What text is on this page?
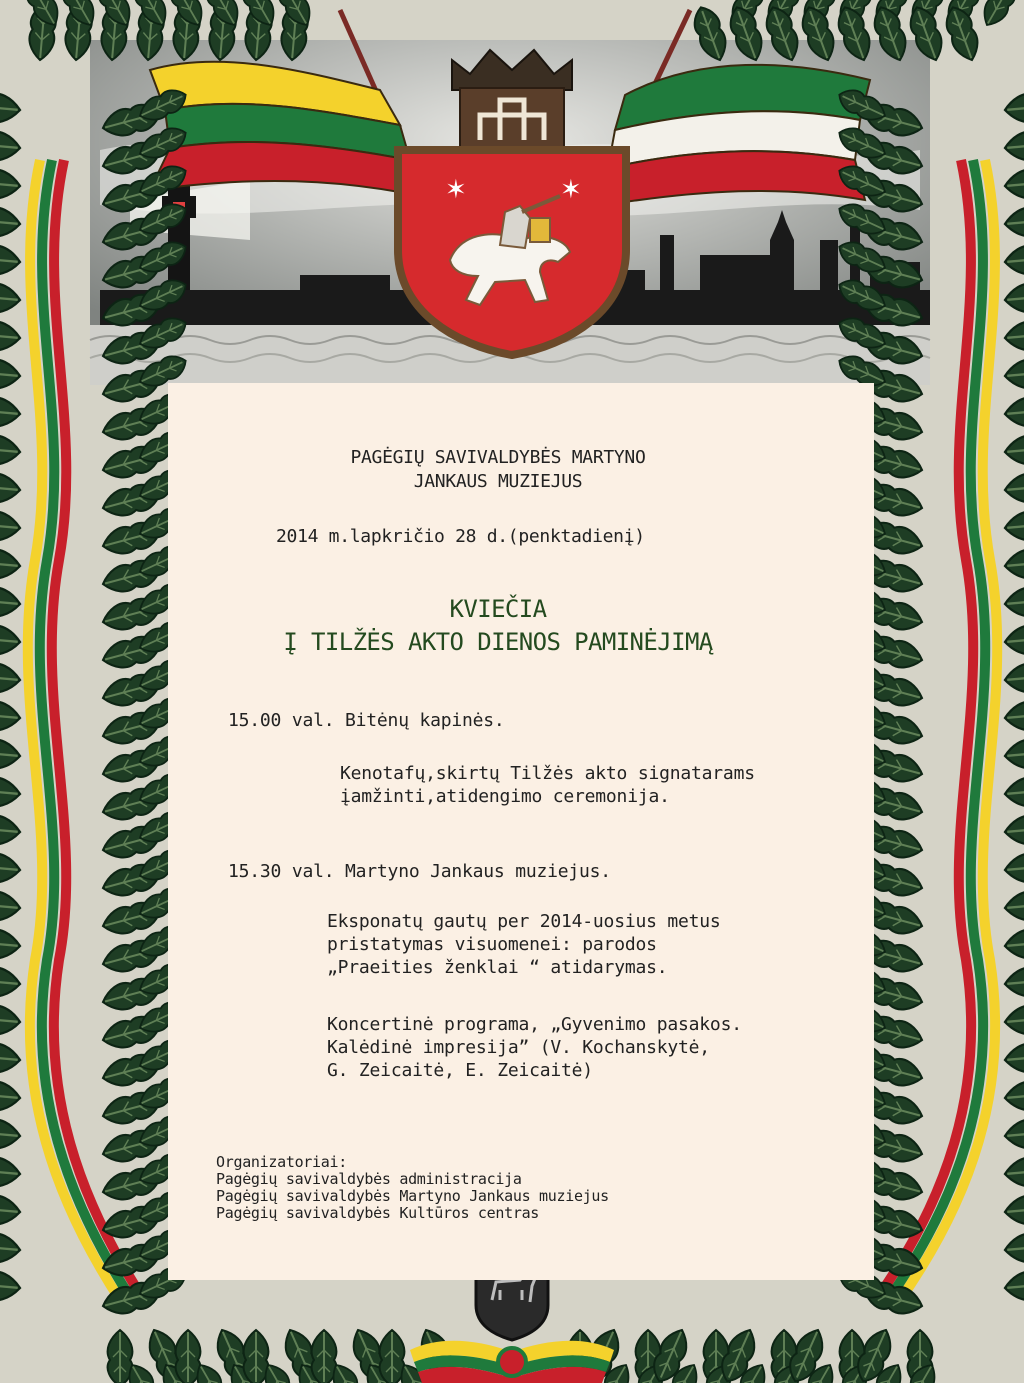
✶	✶
PAGĖGIŲ SAVIVALDYBĖS MARTYNO
JANKAUS MUZIEJUS
2014 m.lapkričio 28 d.(penktadienį)
KVIEČIA
Į TILŽĖS AKTO DIENOS PAMINĖJIMĄ
15.00 val. Bitėnų kapinės.
Kenotafų,skirtų Tilžės akto signatarams
įamžinti,atidengimo ceremonija.
15.30 val. Martyno Jankaus muziejus.
Eksponatų gautų per 2014-uosius metus
pristatymas visuomenei: parodos
„Praeities ženklai “ atidarymas.
Koncertinė programa, „Gyvenimo pasakos.
Kalėdinė impresija” (V. Kochanskytė,
G. Zeicaitė, E. Zeicaitė)
Organizatoriai:
Pagėgių savivaldybės administracija
Pagėgių savivaldybės Martyno Jankaus muziejus
Pagėgių savivaldybės Kultūros centras
